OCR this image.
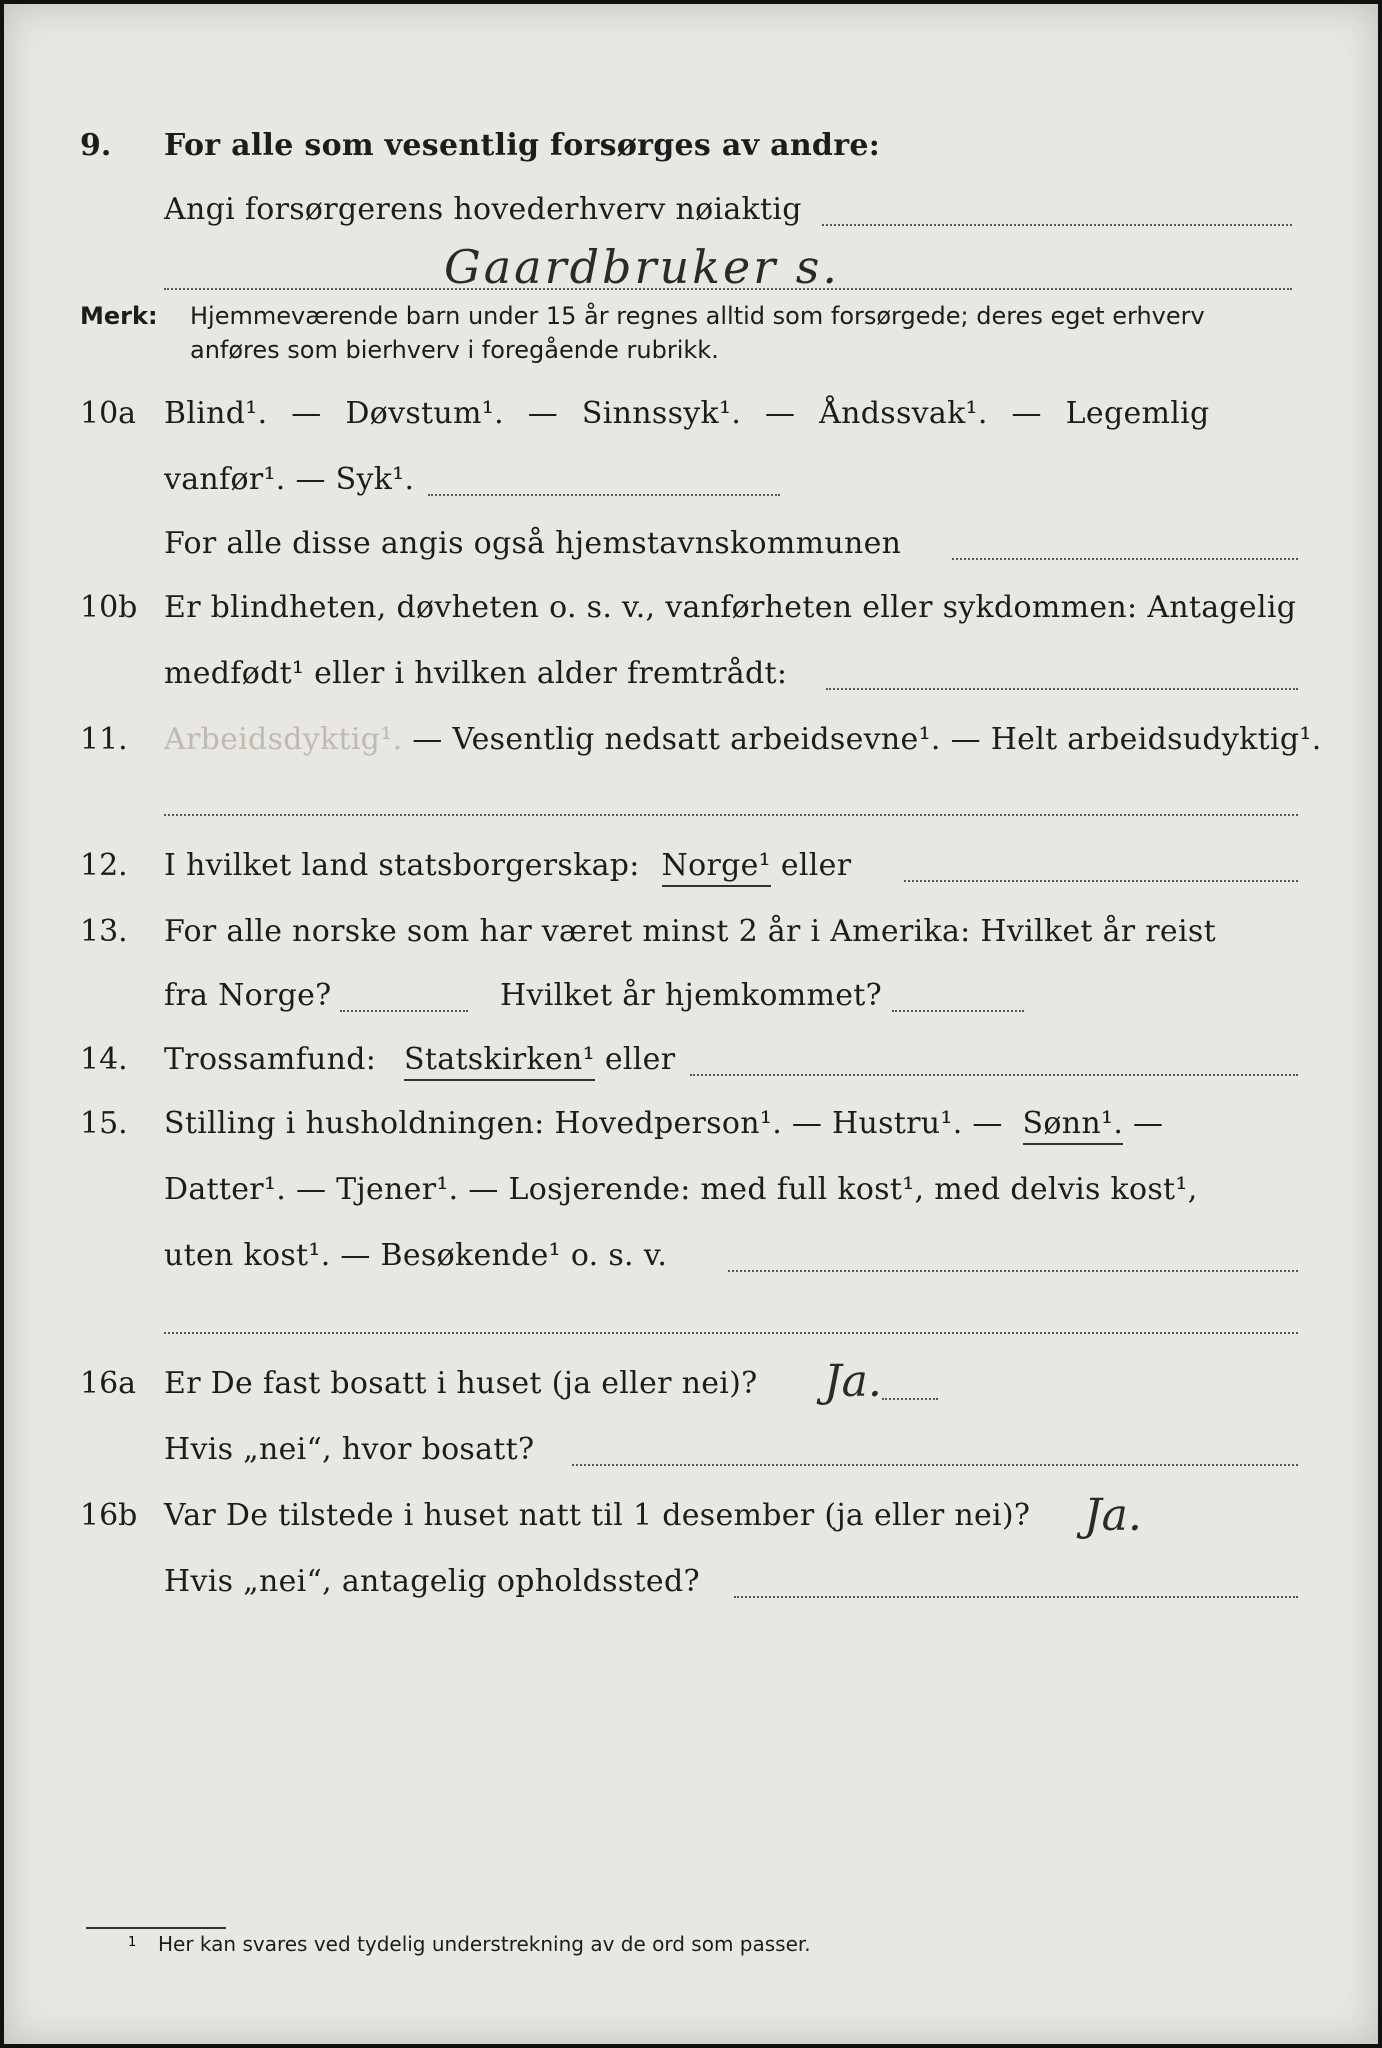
9. For alle som vesentlig forsørges av andre:
Angi forsørgerens hovederhverv nøiaktig
Gaardbruker s.
Merk: Hjemmeværende barn under 15 år regnes alltid som forsørgede; deres eget erhverv
anføres som bierhverv i foregående rubrikk.
10a Blind¹. — Døvstum¹. — Sinnssyk¹. — Åndssvak¹. — Legemlig
vanfør¹. — Syk¹.
For alle disse angis også hjemstavnskommunen
10b Er blindheten, døvheten o. s. v., vanførheten eller sykdommen: Antagelig
medfødt¹ eller i hvilken alder fremtrådt:
11. Arbeidsdyktig¹. — Vesentlig nedsatt arbeidsevne¹. — Helt arbeidsudyktig¹.
12. I hvilket land statsborgerskap: Norge¹ eller
13. For alle norske som har været minst 2 år i Amerika: Hvilket år reist
fra Norge?	Hvilket år hjemkommet?
14. Trossamfund: Statskirken¹ eller
15. Stilling i husholdningen: Hovedperson¹. — Hustru¹. — Sønn¹. —
Datter¹. — Tjener¹. — Losjerende: med full kost¹, med delvis kost¹,
uten kost¹. — Besøkende¹ o. s. v.
16a Er De fast bosatt i huset (ja eller nei)? Ja.
Hvis „nei“, hvor bosatt?
16b Var De tilstede i huset natt til 1 desember (ja eller nei)? Ja.
Hvis „nei“, antagelig opholdssted?
1 Her kan svares ved tydelig understrekning av de ord som passer.
